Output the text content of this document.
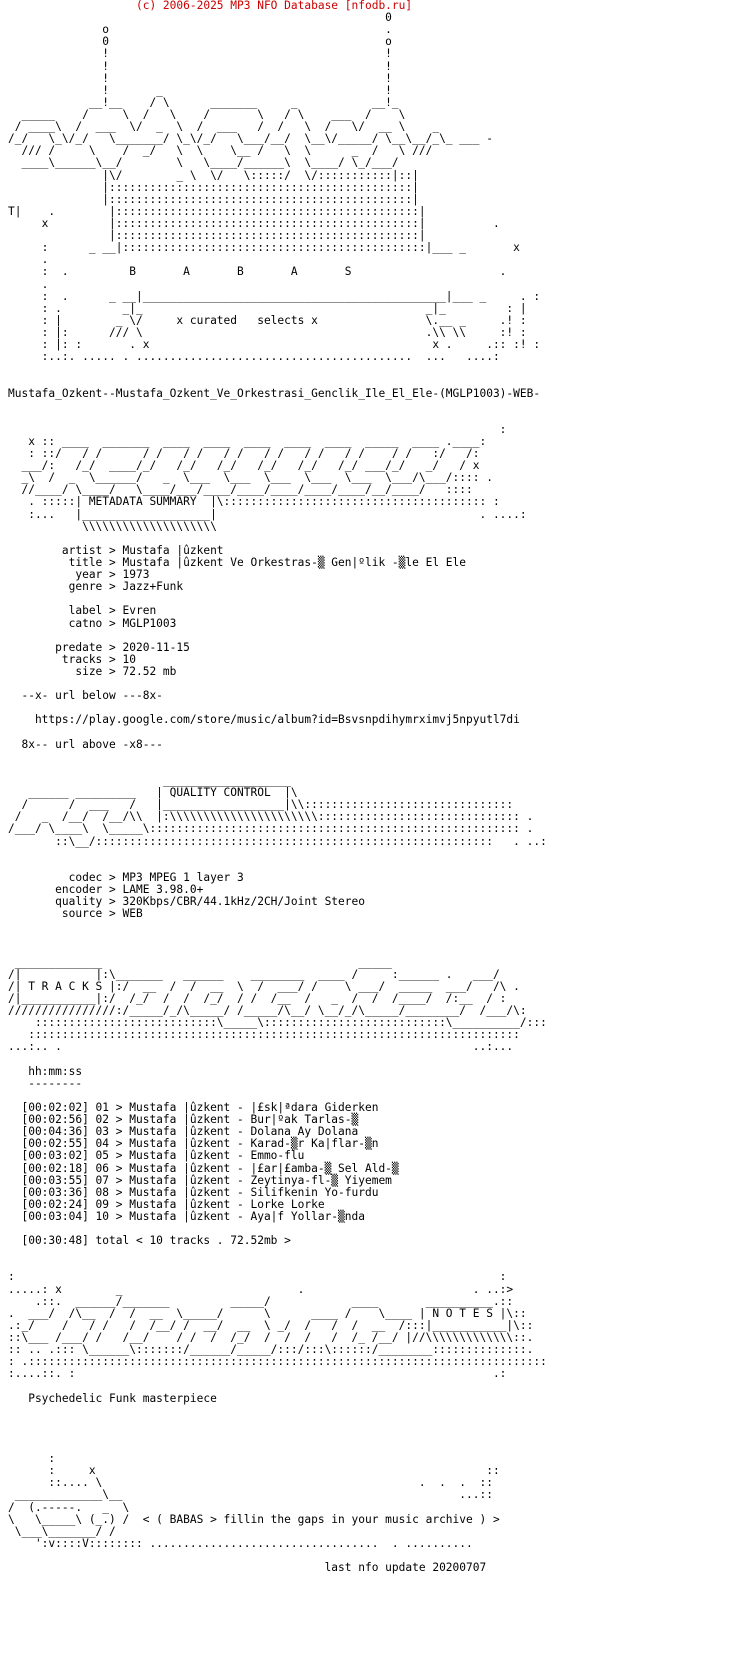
(c) 2006-2025 MP3 NFO Database [nfodb.ru]
0
o                                         .
0                                         o
!                                         !
!                                         !
!                                         !
!       _                                 !
__!__    / \      _______     _           __!_
_____    /     \  /   \    /       \   / \    ___  /    \
/ ____\  /  ___  \/  _  \  /  ___   /  /   \  /   \/  __ \    _
/_/   \_\/_/   \_______/ \_\/_/   \___/__/  \__\/_____/ \__\__/_\_ ___ -
/// /     \    /  _/   \  \    \__ /   \  \      _  /   \ ///
____\______\__/        \   \____/______\  \____/ \_/___/
|\/        _ \  \/   \:::::/  \/:::::::::::|::|
|:::::::::::::::::::::::::::::::::::::::::::::|
|:::::::::::::::::::::::::::::::::::::::::::::|
T|    .        |:::::::::::::::::::::::::::::::::::::::::::::|
x         |:::::::::::::::::::::::::::::::::::::::::::::|          .
|:::::::::::::::::::::::::::::::::::::::::::::|
:      _ __|:::::::::::::::::::::::::::::::::::::::::::::|___ _       x
.
:  .         B       A       B       A       S                      .
.
:  .      _ __|_____________________________________________|___ _     . :
: .         _|_                                          _|_         : |
: |        _ \/     x curated   selects x                \.__ _     .! :
: |:      /// \                                          .\\ \\     :! :
: |: :       . x                                          x .     .:: :! :
:..:. ..... . .........................................  ...   ....:

Mustafa_Ozkent--Mustafa_Ozkent_Ve_Orkestrasi_Genclik_Ile_El_Ele-(MGLP1003)-WEB-

:
x :: ____  _______  ____  ____  ____  ____  ____  _____  ____ .____:
: ::/   / /      / /   / /   / /   / /   / /   / /    / /   :/   /:
___/:   /_/  ____/_/   /_/   /_/   /_/   /_/   /_/ ___/_/   _/   / x
_\  /  _  \______/   _  \___  \___  \___  \___  \___  \___/\___/:::: .
//____/ \____/   \____/___/____/____/____/____/____/__/____/   ::::
. :::::| METADATA SUMMARY  |\::::::::::::::::::::::::::::::::::::::: :
:...   |___________________|                                       . ....:
\\\\\\\\\\\\\\\\\\\\

artist > Mustafa |ûzkent
title > Mustafa |ûzkent Ve Orkestras-▒ Gen|ºlik -▒le El Ele
year > 1973
genre > Jazz+Funk

label > Evren
catno > MGLP1003

predate > 2020-11-15
tracks > 10
size > 72.52 mb

--x- url below ---8x-

https://play.google.com/store/music/album?id=Bsvsnpdihymrximvj5npyutl7di

8x-- url above -x8---

___________________
______ _________   | QUALITY CONTROL  |\
/      /  ___   /   |__________________|\\:::::::::::::::::::::::::::::::
/   _  /__/  /__/\\  |:\\\\\\\\\\\\\\\\\\\\\\:::::::::::::::::::::::::::::: .
/___/ \____\  \_____\::::::::::::::::::::::::::::::::::::::::::::::::::::::: .
::\__/:::::::::::::::::::::::::::::::::::::::::::::::::::::::::::   . ..:

codec > MP3 MPEG 1 layer 3
encoder > LAME 3.98.0+
quality > 320Kbps/CBR/44.1kHz/2CH/Joint Stereo
source > WEB

_____________                                      _____
/|           |:\_______   ______    ________  ____ /     :______ .   ___/
/| T R A C K S |:/  __  /  /  __  \  /  ___/ /    \ ___/  _____  ___/   /\ .
/|___________|:/  /_/  /  /  /_/  / /  /__  /   _  /  /  /____/  /:__  / :
////////////////:/_____/_/\_____/ /_____/\__/ \__/_/\_____/________/  /___/\:
:::::::::::::::::::::::::::\_____\:::::::::::::::::::::::::::\__________/:::
:::::::::::::::::::::::::::::::::::::::::::::::::::::::::::::::::::::::::
...:.. .                                                             ..:...

hh:mm:ss
--------

[00:02:02] 01 > Mustafa |ûzkent - |£sk|ªdara Giderken
[00:02:56] 02 > Mustafa |ûzkent - Bur|ºak Tarlas-▒
[00:04:36] 03 > Mustafa |ûzkent - Dolana Ay Dolana
[00:02:55] 04 > Mustafa |ûzkent - Karad-▒r Ka|flar-▒n
[00:03:02] 05 > Mustafa |ûzkent - Emmo-flu
[00:02:18] 06 > Mustafa |ûzkent - |£ar|£amba-▒ Sel Ald-▒
[00:03:55] 07 > Mustafa |ûzkent - Zeytinya-fl-▒ Yiyemem
[00:03:36] 08 > Mustafa |ûzkent - Silifkenin Yo-furdu
[00:02:24] 09 > Mustafa |ûzkent - Lorke Lorke
[00:03:04] 10 > Mustafa |ûzkent - Aya|f Yollar-▒nda

[00:30:48] total < 10 tracks . 72.52mb >

:                                                                        :
.....: x        _                          .                         . ..:>
.::.  ______/_______         _____/            ____       __________.::
.  ___/  /\__  /  /  __  \_____/      \      ____ /    \____ | N O T E S |\::
.:_/    /   / /   /  /__/ /  __/  __  \ _/  /   /  /  __  /:::|___________|\::
::\___ /___/ /   /__/    / /  /  /_/  /  /  /   /  /_ /__/ |//\\\\\\\\\\\\\::.
:: .. .::: \______\:::::::/______/_____/:::/:::\::::::/________::::::::::::::.
: .:::::::::::::::::::::::::::::::::::::::::::::::::::::::::::::::::::::::::::::
:....::. :                                                              .:

Psychedelic Funk masterpiece

:
:     x                                                          ::
::.... \                                               .  .  .  ::
_____________\__                                                  ...::
/  (.-----.   _  \
\   \_____\ (_.) /  < ( BABAS > fillin the gaps in your music archive ) >
\___\_______/ /
':v::::V:::::::: ..................................  . ..........

last nfo update 20200707
